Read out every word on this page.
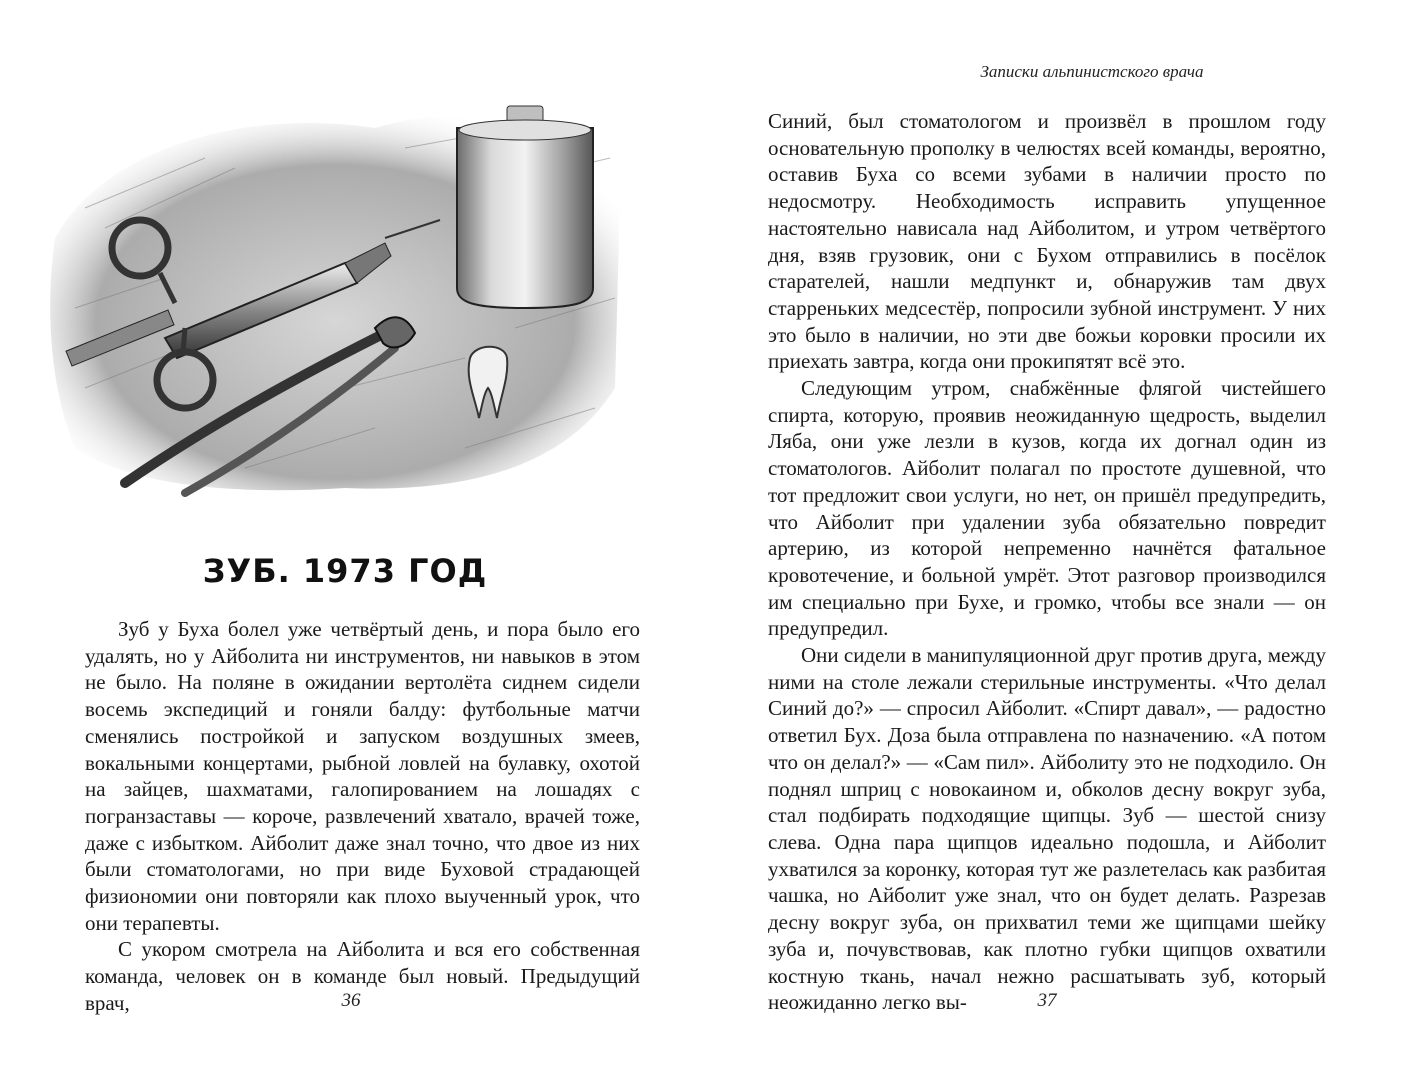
ЗУБ. 1973 ГОД

Зуб у Буха болел уже четвёртый день, и пора было его удалять, но у Айболита ни инструментов, ни навыков в этом не было. На поляне в ожидании вертолёта сиднем сидели восемь экспедиций и гоняли балду: футбольные матчи сменялись постройкой и запуском воздушных змеев, вокальными концертами, рыбной ловлей на булавку, охотой на зайцев, шахматами, галопированием на лошадях с погранзаставы — короче, развлечений хватало, врачей тоже, даже с избытком. Айболит даже знал точно, что двое из них были стоматологами, но при виде Буховой страдающей физиономии они повторяли как плохо выученный урок, что они терапевты.

С укором смотрела на Айболита и вся его собственная команда, человек он в команде был новый. Предыдущий врач,	36
Записки альпинистского врача

Синий, был стоматологом и произвёл в прошлом году основательную прополку в челюстях всей команды, вероятно, оставив Буха со всеми зубами в наличии просто по недосмотру. Необходимость исправить упущенное настоятельно нависала над Айболитом, и утром четвёртого дня, взяв грузовик, они с Бухом отправились в посёлок старателей, нашли медпункт и, обнаружив там двух старреньких медсестёр, попросили зубной инструмент. У них это было в наличии, но эти две божьи коровки просили их приехать завтра, когда они прокипятят всё это.

Следующим утром, снабжённые флягой чистейшего спирта, которую, проявив неожиданную щедрость, выделил Ляба, они уже лезли в кузов, когда их догнал один из стоматологов. Айболит полагал по простоте душевной, что тот предложит свои услуги, но нет, он пришёл предупредить, что Айболит при удалении зуба обязательно повредит артерию, из которой непременно начнётся фатальное кровотечение, и больной умрёт. Этот разговор производился им специально при Бухе, и громко, чтобы все знали — он предупредил.

Они сидели в манипуляционной друг против друга, между ними на столе лежали стерильные инструменты. «Что делал Синий до?» — спросил Айболит. «Спирт давал», — радостно ответил Бух. Доза была отправлена по назначению. «А потом что он делал?» — «Сам пил». Айболиту это не подходило. Он поднял шприц с новокаином и, обколов десну вокруг зуба, стал подбирать подходящие щипцы. Зуб — шестой снизу слева. Одна пара щипцов идеально подошла, и Айболит ухватился за коронку, которая тут же разлетелась как разбитая чашка, но Айболит уже знал, что он будет делать. Разрезав десну вокруг зуба, он прихватил теми же щипцами шейку зуба и, почувствовав, как плотно губки щипцов охватили костную ткань, начал нежно расшатывать зуб, который неожиданно легко вы-	37
